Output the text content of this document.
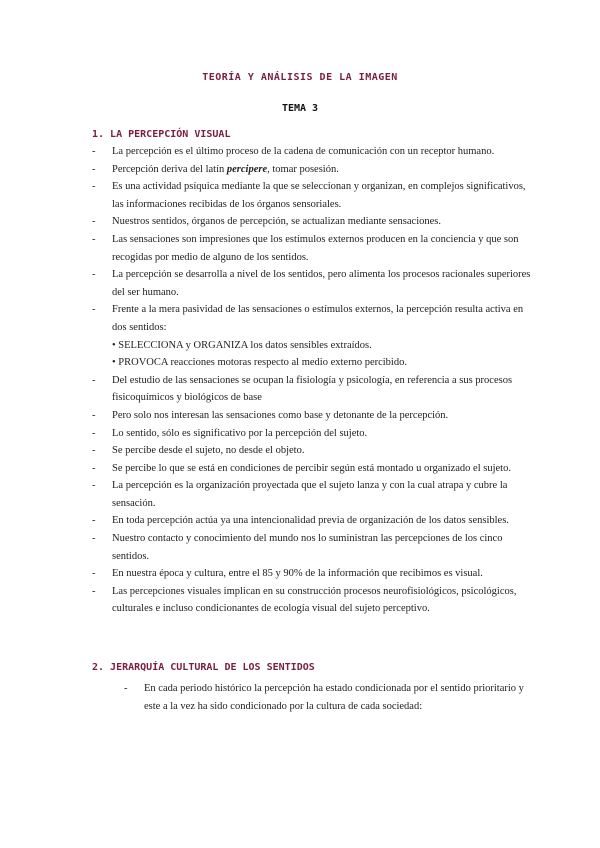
TEORÍA Y ANÁLISIS DE LA IMAGEN
TEMA 3
1. LA PERCEPCIÓN VISUAL
- La percepción es el último proceso de la cadena de comunicación con un receptor humano.
- Percepción deriva del latín percipere, tomar posesión.
- Es una actividad psíquica mediante la que se seleccionan y organizan, en complejos significativos, las informaciones recibidas de los órganos sensoriales.
- Nuestros sentidos, órganos de percepción, se actualizan mediante sensaciones.
- Las sensaciones son impresiones que los estímulos externos producen en la conciencia y que son recogidas por medio de alguno de los sentidos.
- La percepción se desarrolla a nivel de los sentidos, pero alimenta los procesos racionales superiores del ser humano.
- Frente a la mera pasividad de las sensaciones o estímulos externos, la percepción resulta activa en dos sentidos:
• SELECCIONA y ORGANIZA los datos sensibles extraídos.
• PROVOCA reacciones motoras respecto al medio externo percibido.
- Del estudio de las sensaciones se ocupan la fisiología y psicología, en referencia a sus procesos fisicoquímicos y biológicos de base
- Pero solo nos interesan las sensaciones como base y detonante de la percepción.
- Lo sentido, sólo es significativo por la percepción del sujeto.
- Se percibe desde el sujeto, no desde el objeto.
- Se percibe lo que se está en condiciones de percibir según está montado u organizado el sujeto.
- La percepción es la organización proyectada que el sujeto lanza y con la cual atrapa y cubre la sensación.
- En toda percepción actúa ya una intencionalidad previa de organización de los datos sensibles.
- Nuestro contacto y conocimiento del mundo nos lo suministran las percepciones de los cinco sentidos.
- En nuestra época y cultura, entre el 85 y 90% de la información que recibimos es visual.
- Las percepciones visuales implican en su construcción procesos neurofisiológicos, psicológicos, culturales e incluso condicionantes de ecología visual del sujeto perceptivo.
2. JERARQUÍA CULTURAL DE LOS SENTIDOS
- En cada periodo histórico la percepción ha estado condicionada por el sentido prioritario y este a la vez ha sido condicionado por la cultura de cada sociedad:
